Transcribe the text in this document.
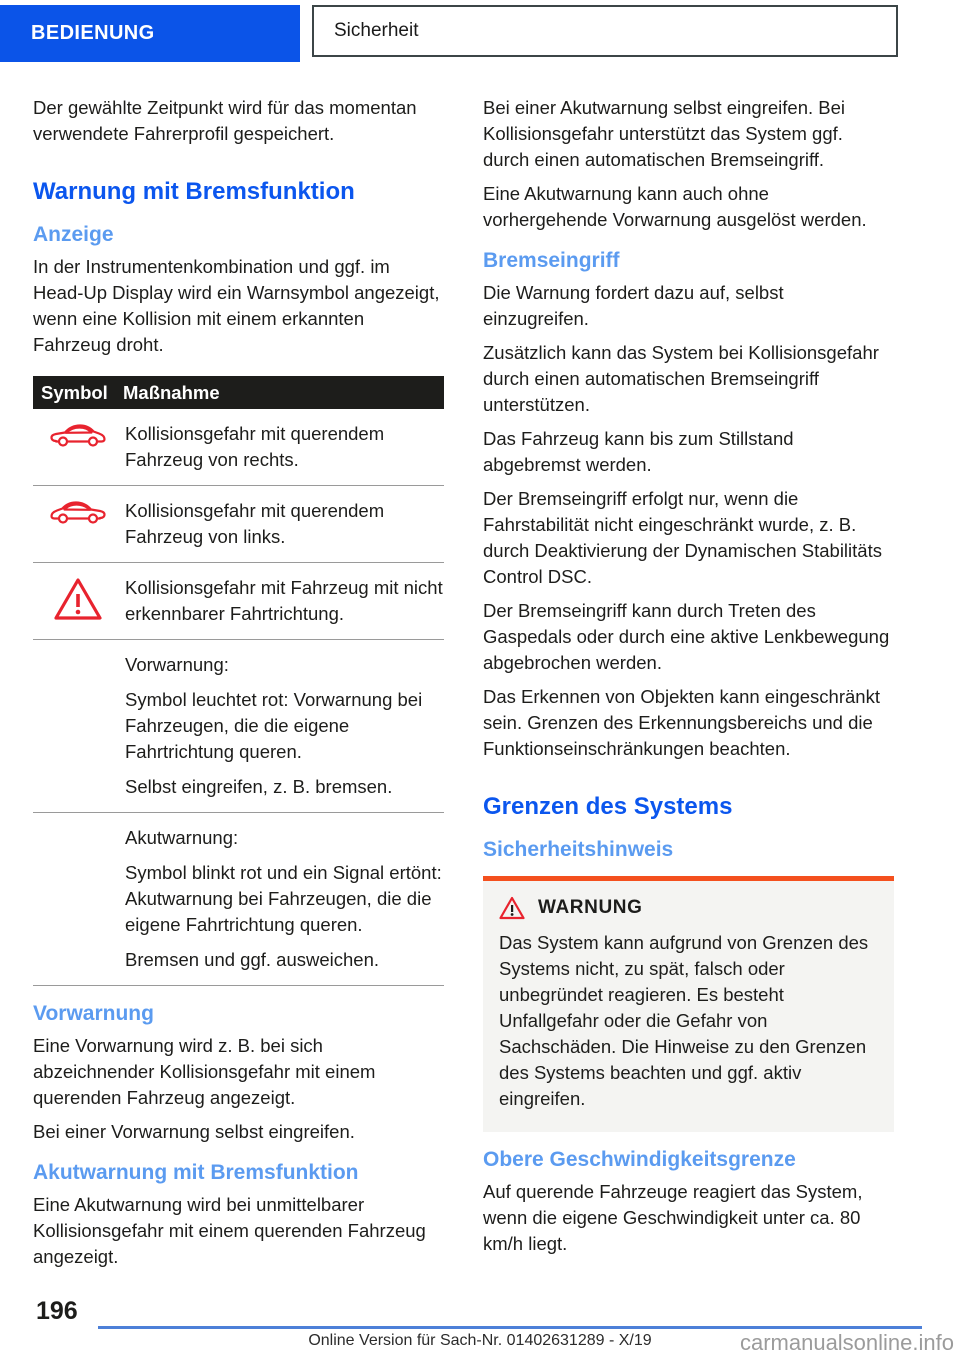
BEDIENUNG	Sicherheit

Der gewählte Zeitpunkt wird für das momentan verwendete Fahrerprofil gespeichert.

Warnung mit Bremsfunktion
Anzeige

In der Instrumentenkombination und ggf. im Head-Up Display wird ein Warnsymbol angezeigt, wenn eine Kollision mit einem erkannten Fahrzeug droht.

Symbol Maßnahme

Kollisionsgefahr mit querendem Fahrzeug von rechts.

Kollisionsgefahr mit querendem Fahrzeug von links.

Kollisionsgefahr mit Fahrzeug mit nicht erkennbarer Fahrtrichtung.

Vorwarnung:

Symbol leuchtet rot: Vorwarnung bei Fahrzeugen, die die eigene Fahrtrichtung queren.

Selbst eingreifen, z. B. bremsen.

Akutwarnung:

Symbol blinkt rot und ein Signal ertönt: Akutwarnung bei Fahrzeugen, die die eigene Fahrtrichtung queren.

Bremsen und ggf. ausweichen.

Vorwarnung

Eine Vorwarnung wird z. B. bei sich abzeichnender Kollisionsgefahr mit einem querenden Fahrzeug angezeigt.

Bei einer Vorwarnung selbst eingreifen.

Akutwarnung mit Bremsfunktion

Eine Akutwarnung wird bei unmittelbarer Kollisionsgefahr mit einem querenden Fahrzeug angezeigt.

Bei einer Akutwarnung selbst eingreifen. Bei Kollisionsgefahr unterstützt das System ggf. durch einen automatischen Bremseingriff.

Eine Akutwarnung kann auch ohne vorhergehende Vorwarnung ausgelöst werden.

Bremseingriff

Die Warnung fordert dazu auf, selbst einzugreifen.

Zusätzlich kann das System bei Kollisionsgefahr durch einen automatischen Bremseingriff unterstützen.

Das Fahrzeug kann bis zum Stillstand abgebremst werden.

Der Bremseingriff erfolgt nur, wenn die Fahrstabilität nicht eingeschränkt wurde, z. B. durch Deaktivierung der Dynamischen Stabilitäts Control DSC.

Der Bremseingriff kann durch Treten des Gaspedals oder durch eine aktive Lenkbewegung abgebrochen werden.

Das Erkennen von Objekten kann eingeschränkt sein. Grenzen des Erkennungsbereichs und die Funktionseinschränkungen beachten.

Grenzen des Systems
Sicherheitshinweis
WARNUNG

Das System kann aufgrund von Grenzen des Systems nicht, zu spät, falsch oder unbegründet reagieren. Es besteht Unfallgefahr oder die Gefahr von Sachschäden. Die Hinweise zu den Grenzen des Systems beachten und ggf. aktiv eingreifen.

Obere Geschwindigkeitsgrenze

Auf querende Fahrzeuge reagiert das System, wenn die eigene Geschwindigkeit unter ca. 80 km/h liegt.

196
Online Version für Sach-Nr. 01402631289 - X/19	carmanualsonline.info
